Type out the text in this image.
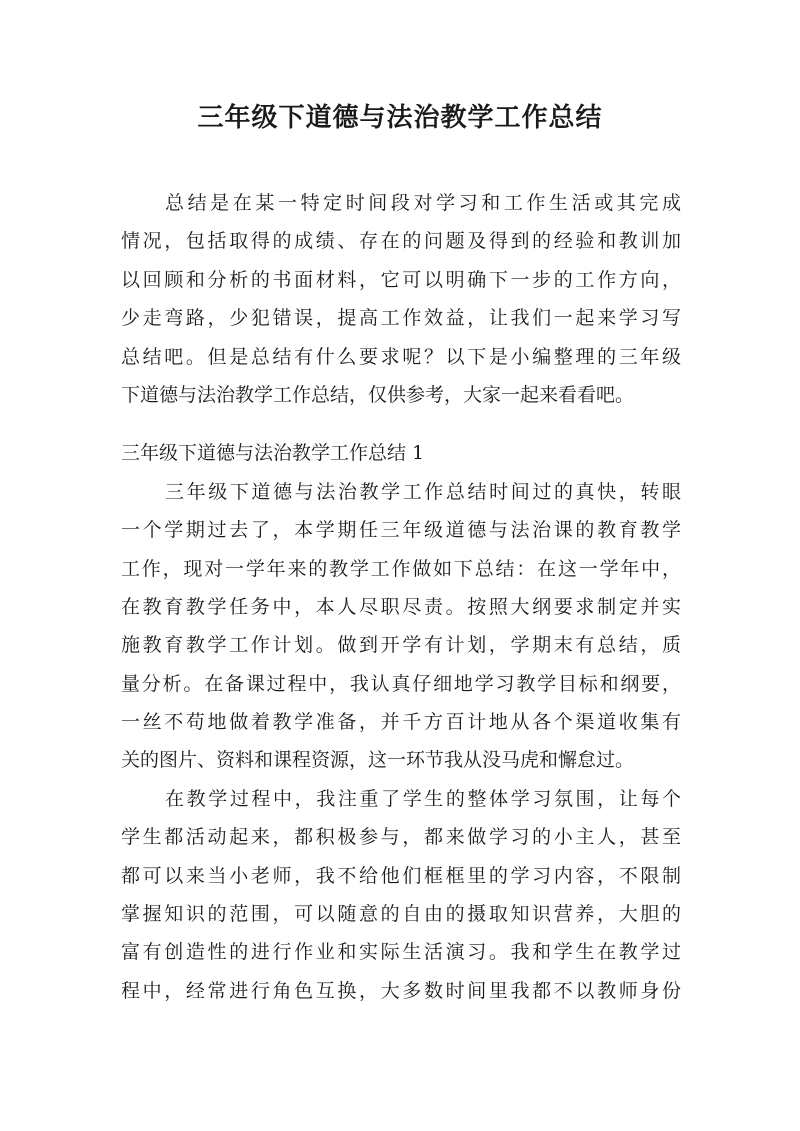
三年级下道德与法治教学工作总结
总结是在某一特定时间段对学习和工作生活或其完成
情况，包括取得的成绩、存在的问题及得到的经验和教训加
以回顾和分析的书面材料，它可以明确下一步的工作方向，
少走弯路，少犯错误，提高工作效益，让我们一起来学习写
总结吧。但是总结有什么要求呢？以下是小编整理的三年级
下道德与法治教学工作总结，仅供参考，大家一起来看看吧。
三年级下道德与法治教学工作总结 1
三年级下道德与法治教学工作总结时间过的真快，转眼
一个学期过去了，本学期任三年级道德与法治课的教育教学
工作，现对一学年来的教学工作做如下总结：在这一学年中，
在教育教学任务中，本人尽职尽责。按照大纲要求制定并实
施教育教学工作计划。做到开学有计划，学期末有总结，质
量分析。在备课过程中，我认真仔细地学习教学目标和纲要，
一丝不苟地做着教学准备，并千方百计地从各个渠道收集有
关的图片、资料和课程资源，这一环节我从没马虎和懈怠过。
在教学过程中，我注重了学生的整体学习氛围，让每个
学生都活动起来，都积极参与，都来做学习的小主人，甚至
都可以来当小老师，我不给他们框框里的学习内容，不限制
掌握知识的范围，可以随意的自由的摄取知识营养，大胆的
富有创造性的进行作业和实际生活演习。我和学生在教学过
程中，经常进行角色互换，大多数时间里我都不以教师身份
